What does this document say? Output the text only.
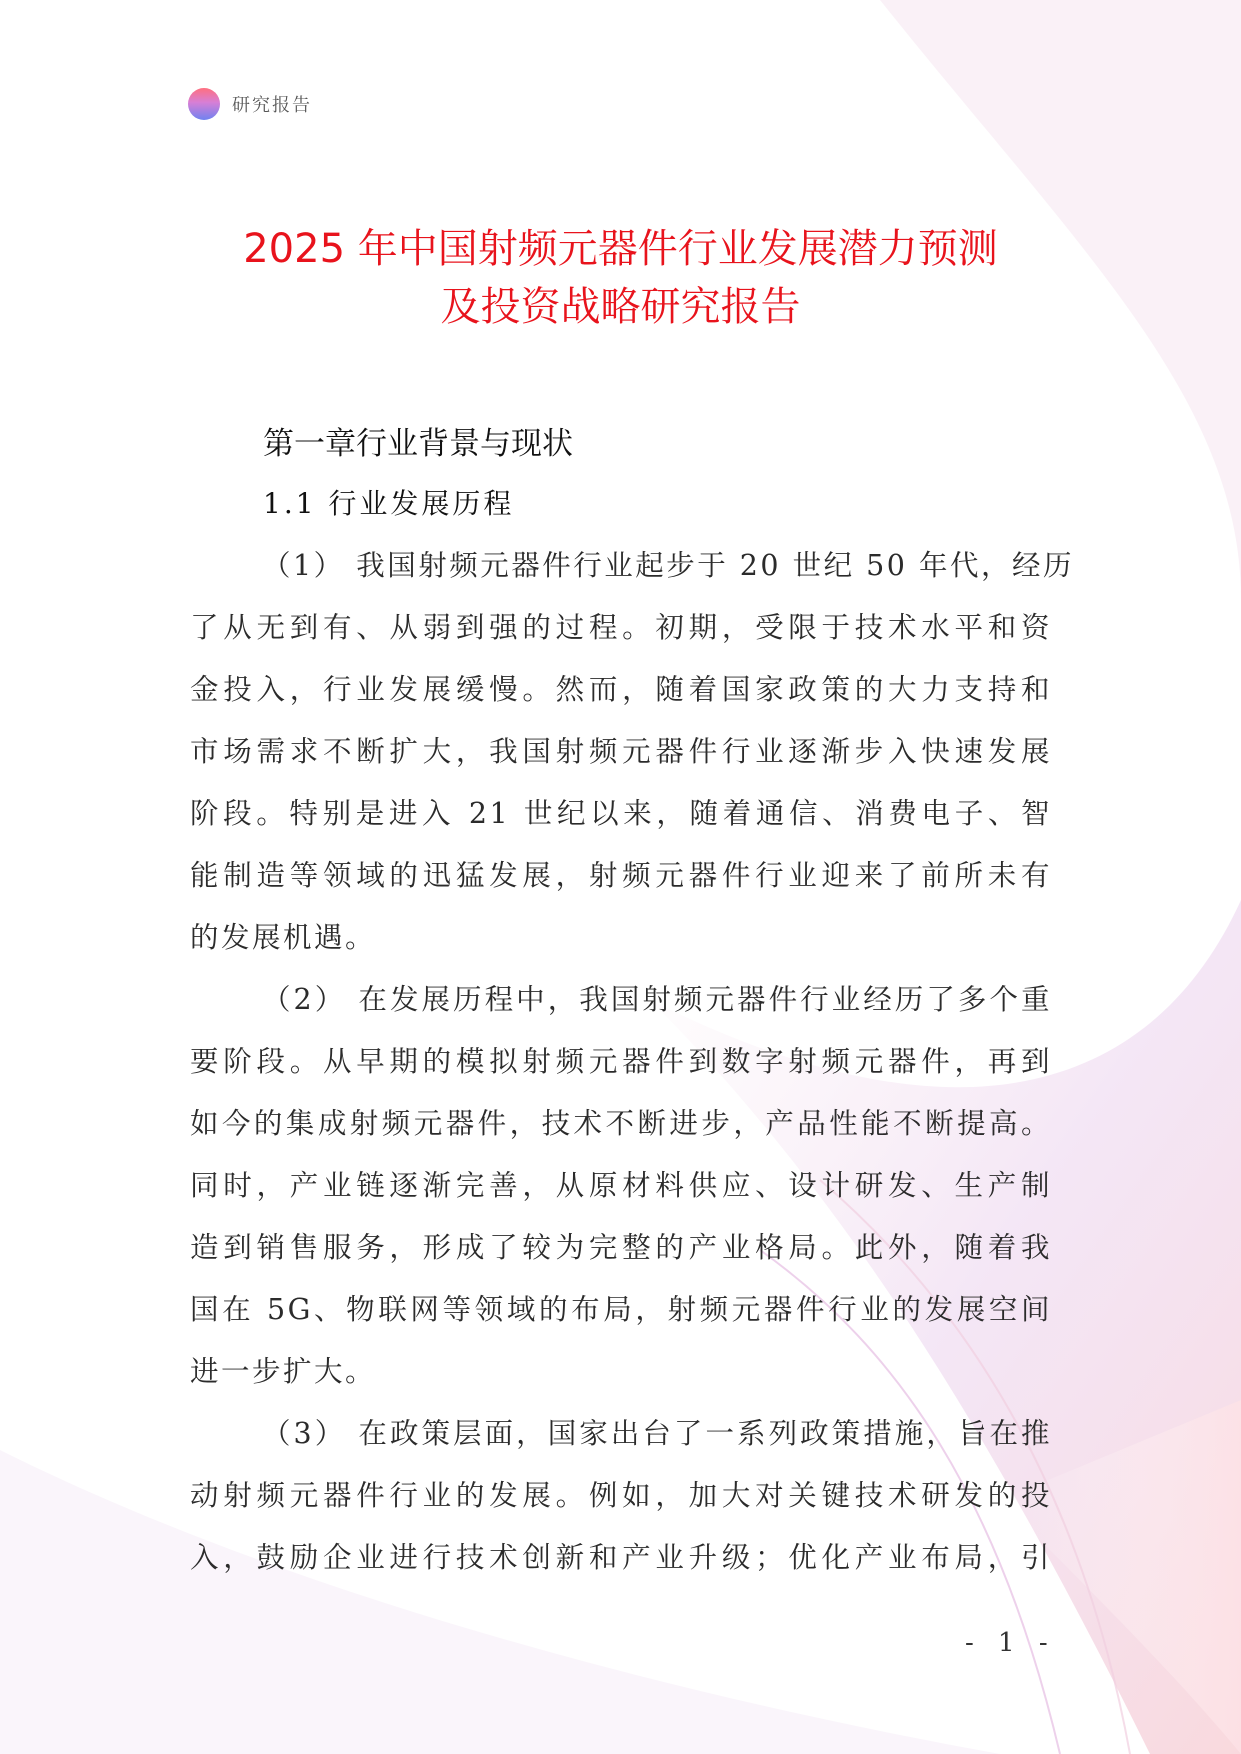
研究报告
2025 年中国射频元器件行业发展潜力预测
及投资战略研究报告
第一章行业背景与现状
1.1 行业发展历程
（1） 我国射频元器件行业起步于 20 世纪 50 年代，经历
了从无到有、从弱到强的过程。初期，受限于技术水平和资
金投入，行业发展缓慢。然而，随着国家政策的大力支持和
市场需求不断扩大，我国射频元器件行业逐渐步入快速发展
阶段。特别是进入 21 世纪以来，随着通信、消费电子、智
能制造等领域的迅猛发展，射频元器件行业迎来了前所未有
的发展机遇。
（2） 在发展历程中，我国射频元器件行业经历了多个重
要阶段。从早期的模拟射频元器件到数字射频元器件，再到
如今的集成射频元器件，技术不断进步，产品性能不断提高。
同时，产业链逐渐完善，从原材料供应、设计研发、生产制
造到销售服务，形成了较为完整的产业格局。此外，随着我
国在 5G、物联网等领域的布局，射频元器件行业的发展空间
进一步扩大。
（3） 在政策层面，国家出台了一系列政策措施，旨在推
动射频元器件行业的发展。例如，加大对关键技术研发的投
入，鼓励企业进行技术创新和产业升级；优化产业布局，引
- 1 -
